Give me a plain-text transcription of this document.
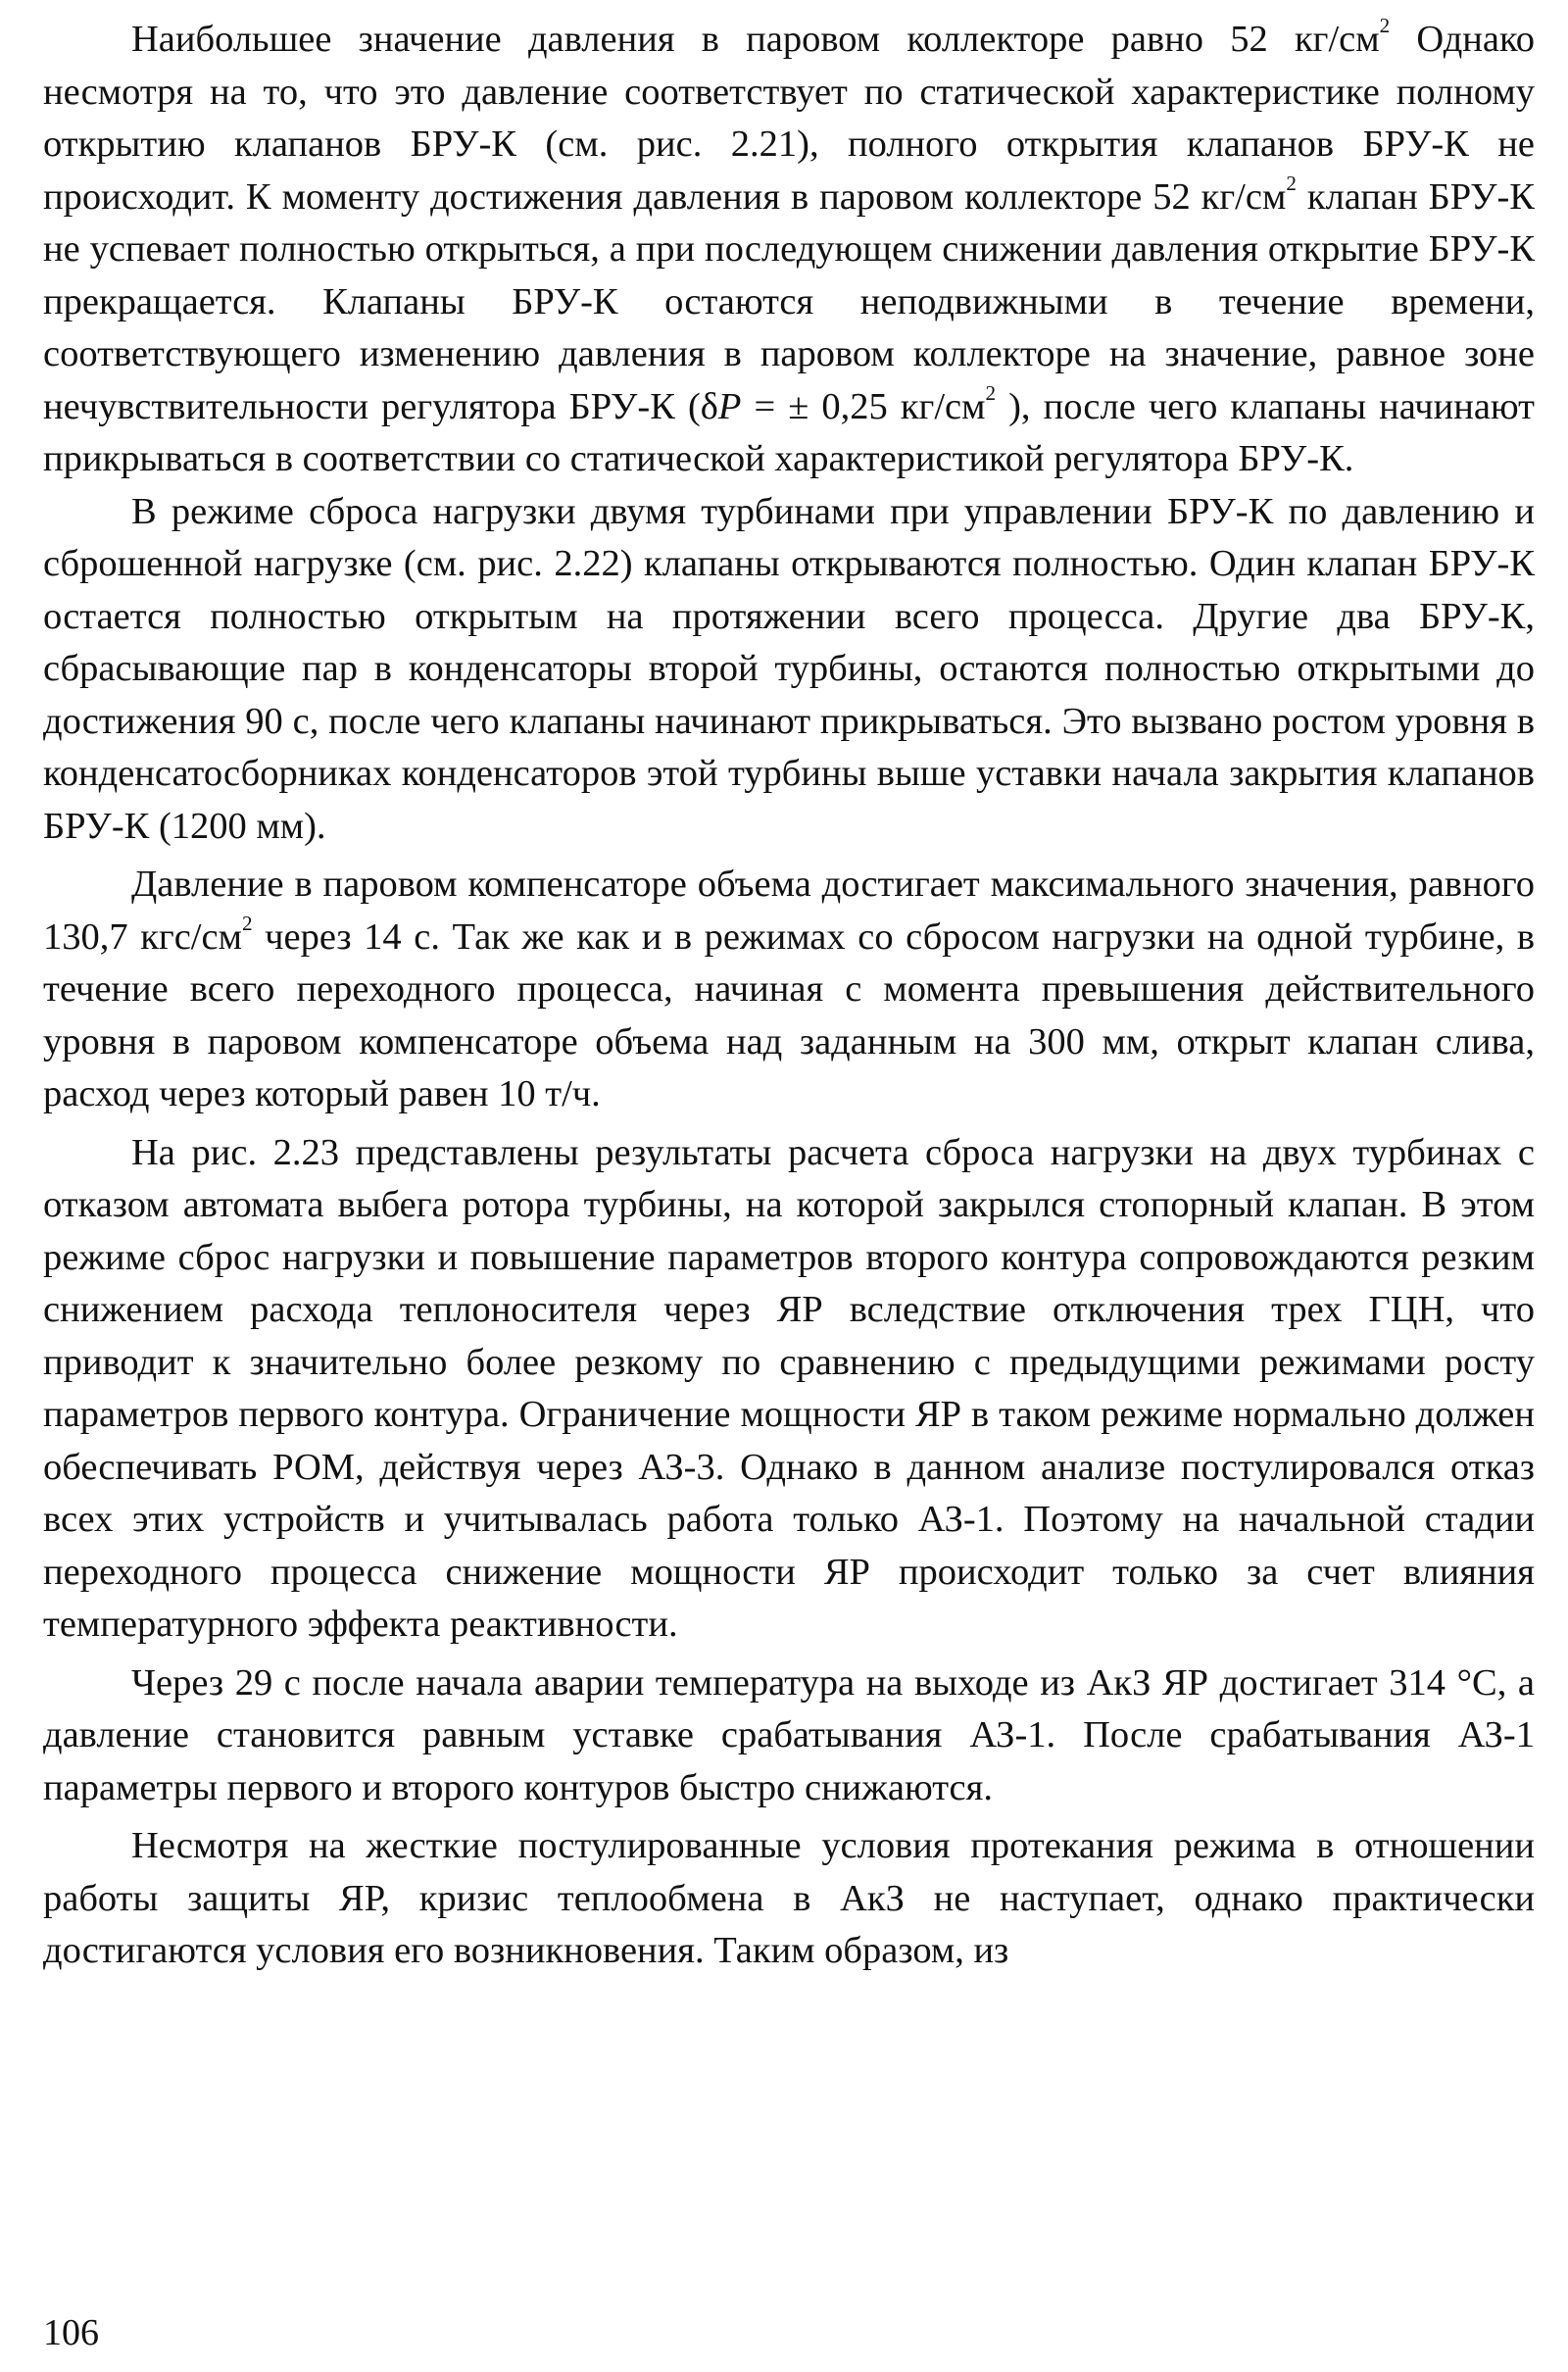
Наибольшее значение давления в паровом коллекторе равно 52 $кг/см^2$ Однако несмотря на то, что это давление соответствует по статической характеристике полному открытию клапанов БРУ-К (см. рис. 2.21), полного открытия клапанов БРУ-К не происходит. К моменту достижения давления в паровом коллекторе 52 $кг/см^2$ клапан БРУ-К не успевает полностью открыться, а при последующем снижении давления открытие БРУ-К прекращается. Клапаны БРУ-К остаются неподвижными в течение времени, соответствующего изменению давления в паровом коллекторе на значение, равное зоне нечувствительности регулятора БРУ-К (δP = ± 0,25 $кг/см^2$ ), после чего клапаны начинают прикрываться в соответствии со статической характеристикой регулятора БРУ-К.

В режиме сброса нагрузки двумя турбинами при управлении БРУ-К по давлению и сброшенной нагрузке (см. рис. 2.22) клапаны открываются полностью. Один клапан БРУ-К остается полностью открытым на протяжении всего процесса. Другие два БРУ-К, сбрасывающие пар в конденсаторы второй турбины, остаются полностью открытыми до достижения 90 с, после чего клапаны начинают прикрываться. Это вызвано ростом уровня в конденсатосборниках конденсаторов этой турбины выше уставки начала закрытия клапанов БРУ-К (1200 мм).

Давление в паровом компенсаторе объема достигает максимального значения, равного 130,7 кгс/$см^2$ через 14 с. Так же как и в режимах со сбросом нагрузки на одной турбине, в течение всего переходного процесса, начиная с момента превышения действительного уровня в паровом компенсаторе объема над заданным на 300 мм, открыт клапан слива, расход через который равен 10 т/ч.

На рис. 2.23 представлены результаты расчета сброса нагрузки на двух турбинах с отказом автомата выбега ротора турбины, на которой закрылся стопорный клапан. В этом режиме сброс нагрузки и повышение параметров второго контура сопровождаются резким снижением расхода теплоносителя через ЯР вследствие отключения трех ГЦН, что приводит к значительно более резкому по сравнению с предыдущими режимами росту параметров первого контура. Ограничение мощности ЯР в таком режиме нормально должен обеспечивать РОМ, действуя через АЗ-3. Однако в данном анализе постулировался отказ всех этих устройств и учитывалась работа только АЗ-1. Поэтому на начальной стадии переходного процесса снижение мощности ЯР происходит только за счет влияния температурного эффекта реактивности.

Через 29 с после начала аварии температура на выходе из АкЗ ЯР достигает 314 °С, а давление становится равным уставке срабатывания АЗ-1. После срабатывания АЗ-1 параметры первого и второго контуров быстро снижаются.

Несмотря на жесткие постулированные условия протекания режима в отношении работы защиты ЯР, кризис теплообмена в АкЗ не наступает, однако практически достигаются условия его возникновения. Таким образом, из

106
